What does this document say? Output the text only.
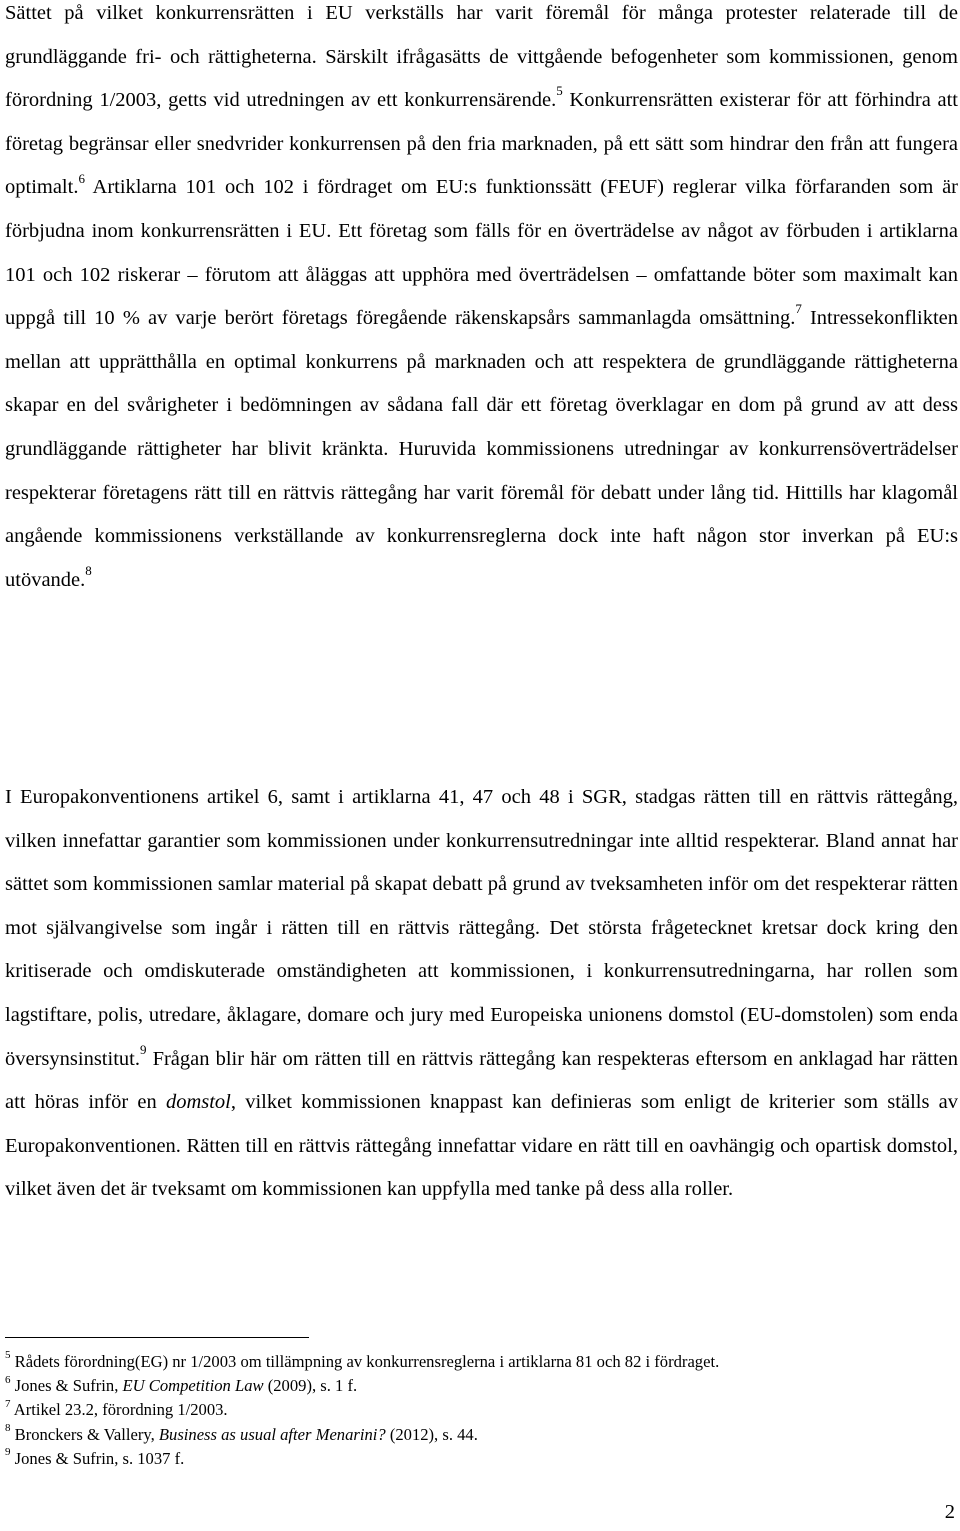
Sättet på vilket konkurrensrätten i EU verkställs har varit föremål för många protester relaterade till de grundläggande fri- och rättigheterna. Särskilt ifrågasätts de vittgående befogenheter som kommissionen, genom förordning 1/2003, getts vid utredningen av ett konkurrensärende.$^5$ Konkurrensrätten existerar för att förhindra att företag begränsar eller snedvrider konkurrensen på den fria marknaden, på ett sätt som hindrar den från att fungera optimalt.$^6$ Artiklarna 101 och 102 i fördraget om EU:s funktionssätt (FEUF) reglerar vilka förfaranden som är förbjudna inom konkurrensrätten i EU. Ett företag som fälls för en överträdelse av något av förbuden i artiklarna 101 och 102 riskerar – förutom att åläggas att upphöra med överträdelsen – omfattande böter som maximalt kan uppgå till 10 % av varje berört företags föregående räkenskapsårs sammanlagda omsättning.$^7$ Intressekonflikten mellan att upprätthålla en optimal konkurrens på marknaden och att respektera de grundläggande rättigheterna skapar en del svårigheter i bedömningen av sådana fall där ett företag överklagar en dom på grund av att dess grundläggande rättigheter har blivit kränkta. Huruvida kommissionens utredningar av konkurrensöverträdelser respekterar företagens rätt till en rättvis rättegång har varit föremål för debatt under lång tid. Hittills har klagomål angående kommissionens verkställande av konkurrensreglerna dock inte haft någon stor inverkan på EU:s utövande.$^8$

I Europakonventionens artikel 6, samt i artiklarna 41, 47 och 48 i SGR, stadgas rätten till en rättvis rättegång, vilken innefattar garantier som kommissionen under konkurrensutredningar inte alltid respekterar. Bland annat har sättet som kommissionen samlar material på skapat debatt på grund av tveksamheten inför om det respekterar rätten mot självangivelse som ingår i rätten till en rättvis rättegång. Det största frågetecknet kretsar dock kring den kritiserade och omdiskuterade omständigheten att kommissionen, i konkurrensutredningarna, har rollen som lagstiftare, polis, utredare, åklagare, domare och jury med Europeiska unionens domstol (EU-domstolen) som enda översynsinstitut.$^9$ Frågan blir här om rätten till en rättvis rättegång kan respekteras eftersom en anklagad har rätten att höras inför en domstol, vilket kommissionen knappast kan definieras som enligt de kriterier som ställs av Europakonventionen. Rätten till en rättvis rättegång innefattar vidare en rätt till en oavhängig och opartisk domstol, vilket även det är tveksamt om kommissionen kan uppfylla med tanke på dess alla roller.

$^5$ Rådets förordning(EG) nr 1/2003 om tillämpning av konkurrensreglerna i artiklarna 81 och 82 i fördraget.
$^6$ Jones & Sufrin, EU Competition Law (2009), s. 1 f.
$^7$ Artikel 23.2, förordning 1/2003.
$^8$ Bronckers & Vallery, Business as usual after Menarini? (2012), s. 44.
$^9$ Jones & Sufrin, s. 1037 f.
2
